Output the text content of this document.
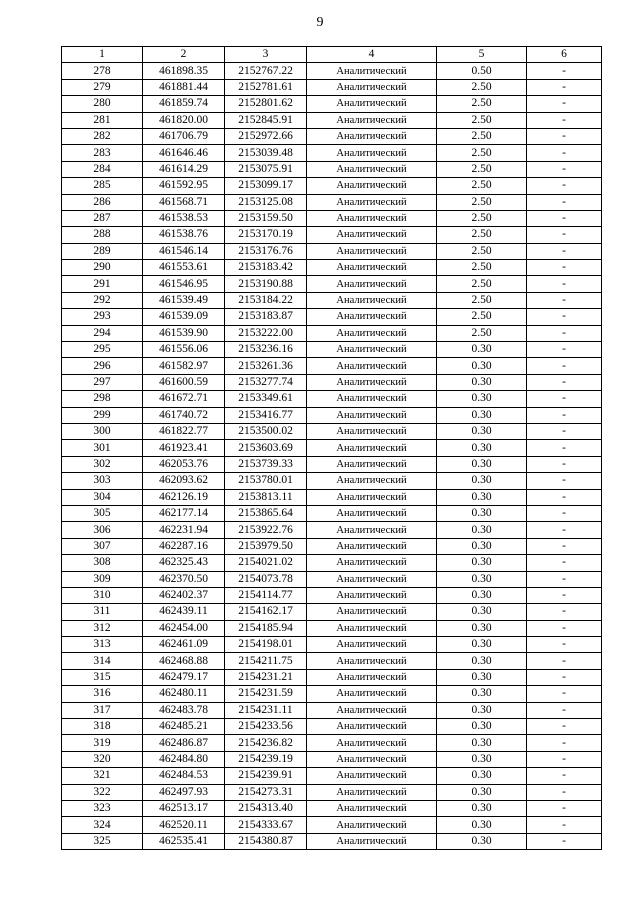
9
1	2	3	4	5	6
278	461898.35	2152767.22	Аналитический	0.50	-
279	461881.44	2152781.61	Аналитический	2.50	-
280	461859.74	2152801.62	Аналитический	2.50	-
281	461820.00	2152845.91	Аналитический	2.50	-
282	461706.79	2152972.66	Аналитический	2.50	-
283	461646.46	2153039.48	Аналитический	2.50	-
284	461614.29	2153075.91	Аналитический	2.50	-
285	461592.95	2153099.17	Аналитический	2.50	-
286	461568.71	2153125.08	Аналитический	2.50	-
287	461538.53	2153159.50	Аналитический	2.50	-
288	461538.76	2153170.19	Аналитический	2.50	-
289	461546.14	2153176.76	Аналитический	2.50	-
290	461553.61	2153183.42	Аналитический	2.50	-
291	461546.95	2153190.88	Аналитический	2.50	-
292	461539.49	2153184.22	Аналитический	2.50	-
293	461539.09	2153183.87	Аналитический	2.50	-
294	461539.90	2153222.00	Аналитический	2.50	-
295	461556.06	2153236.16	Аналитический	0.30	-
296	461582.97	2153261.36	Аналитический	0.30	-
297	461600.59	2153277.74	Аналитический	0.30	-
298	461672.71	2153349.61	Аналитический	0.30	-
299	461740.72	2153416.77	Аналитический	0.30	-
300	461822.77	2153500.02	Аналитический	0.30	-
301	461923.41	2153603.69	Аналитический	0.30	-
302	462053.76	2153739.33	Аналитический	0.30	-
303	462093.62	2153780.01	Аналитический	0.30	-
304	462126.19	2153813.11	Аналитический	0.30	-
305	462177.14	2153865.64	Аналитический	0.30	-
306	462231.94	2153922.76	Аналитический	0.30	-
307	462287.16	2153979.50	Аналитический	0.30	-
308	462325.43	2154021.02	Аналитический	0.30	-
309	462370.50	2154073.78	Аналитический	0.30	-
310	462402.37	2154114.77	Аналитический	0.30	-
311	462439.11	2154162.17	Аналитический	0.30	-
312	462454.00	2154185.94	Аналитический	0.30	-
313	462461.09	2154198.01	Аналитический	0.30	-
314	462468.88	2154211.75	Аналитический	0.30	-
315	462479.17	2154231.21	Аналитический	0.30	-
316	462480.11	2154231.59	Аналитический	0.30	-
317	462483.78	2154231.11	Аналитический	0.30	-
318	462485.21	2154233.56	Аналитический	0.30	-
319	462486.87	2154236.82	Аналитический	0.30	-
320	462484.80	2154239.19	Аналитический	0.30	-
321	462484.53	2154239.91	Аналитический	0.30	-
322	462497.93	2154273.31	Аналитический	0.30	-
323	462513.17	2154313.40	Аналитический	0.30	-
324	462520.11	2154333.67	Аналитический	0.30	-
325	462535.41	2154380.87	Аналитический	0.30	-
